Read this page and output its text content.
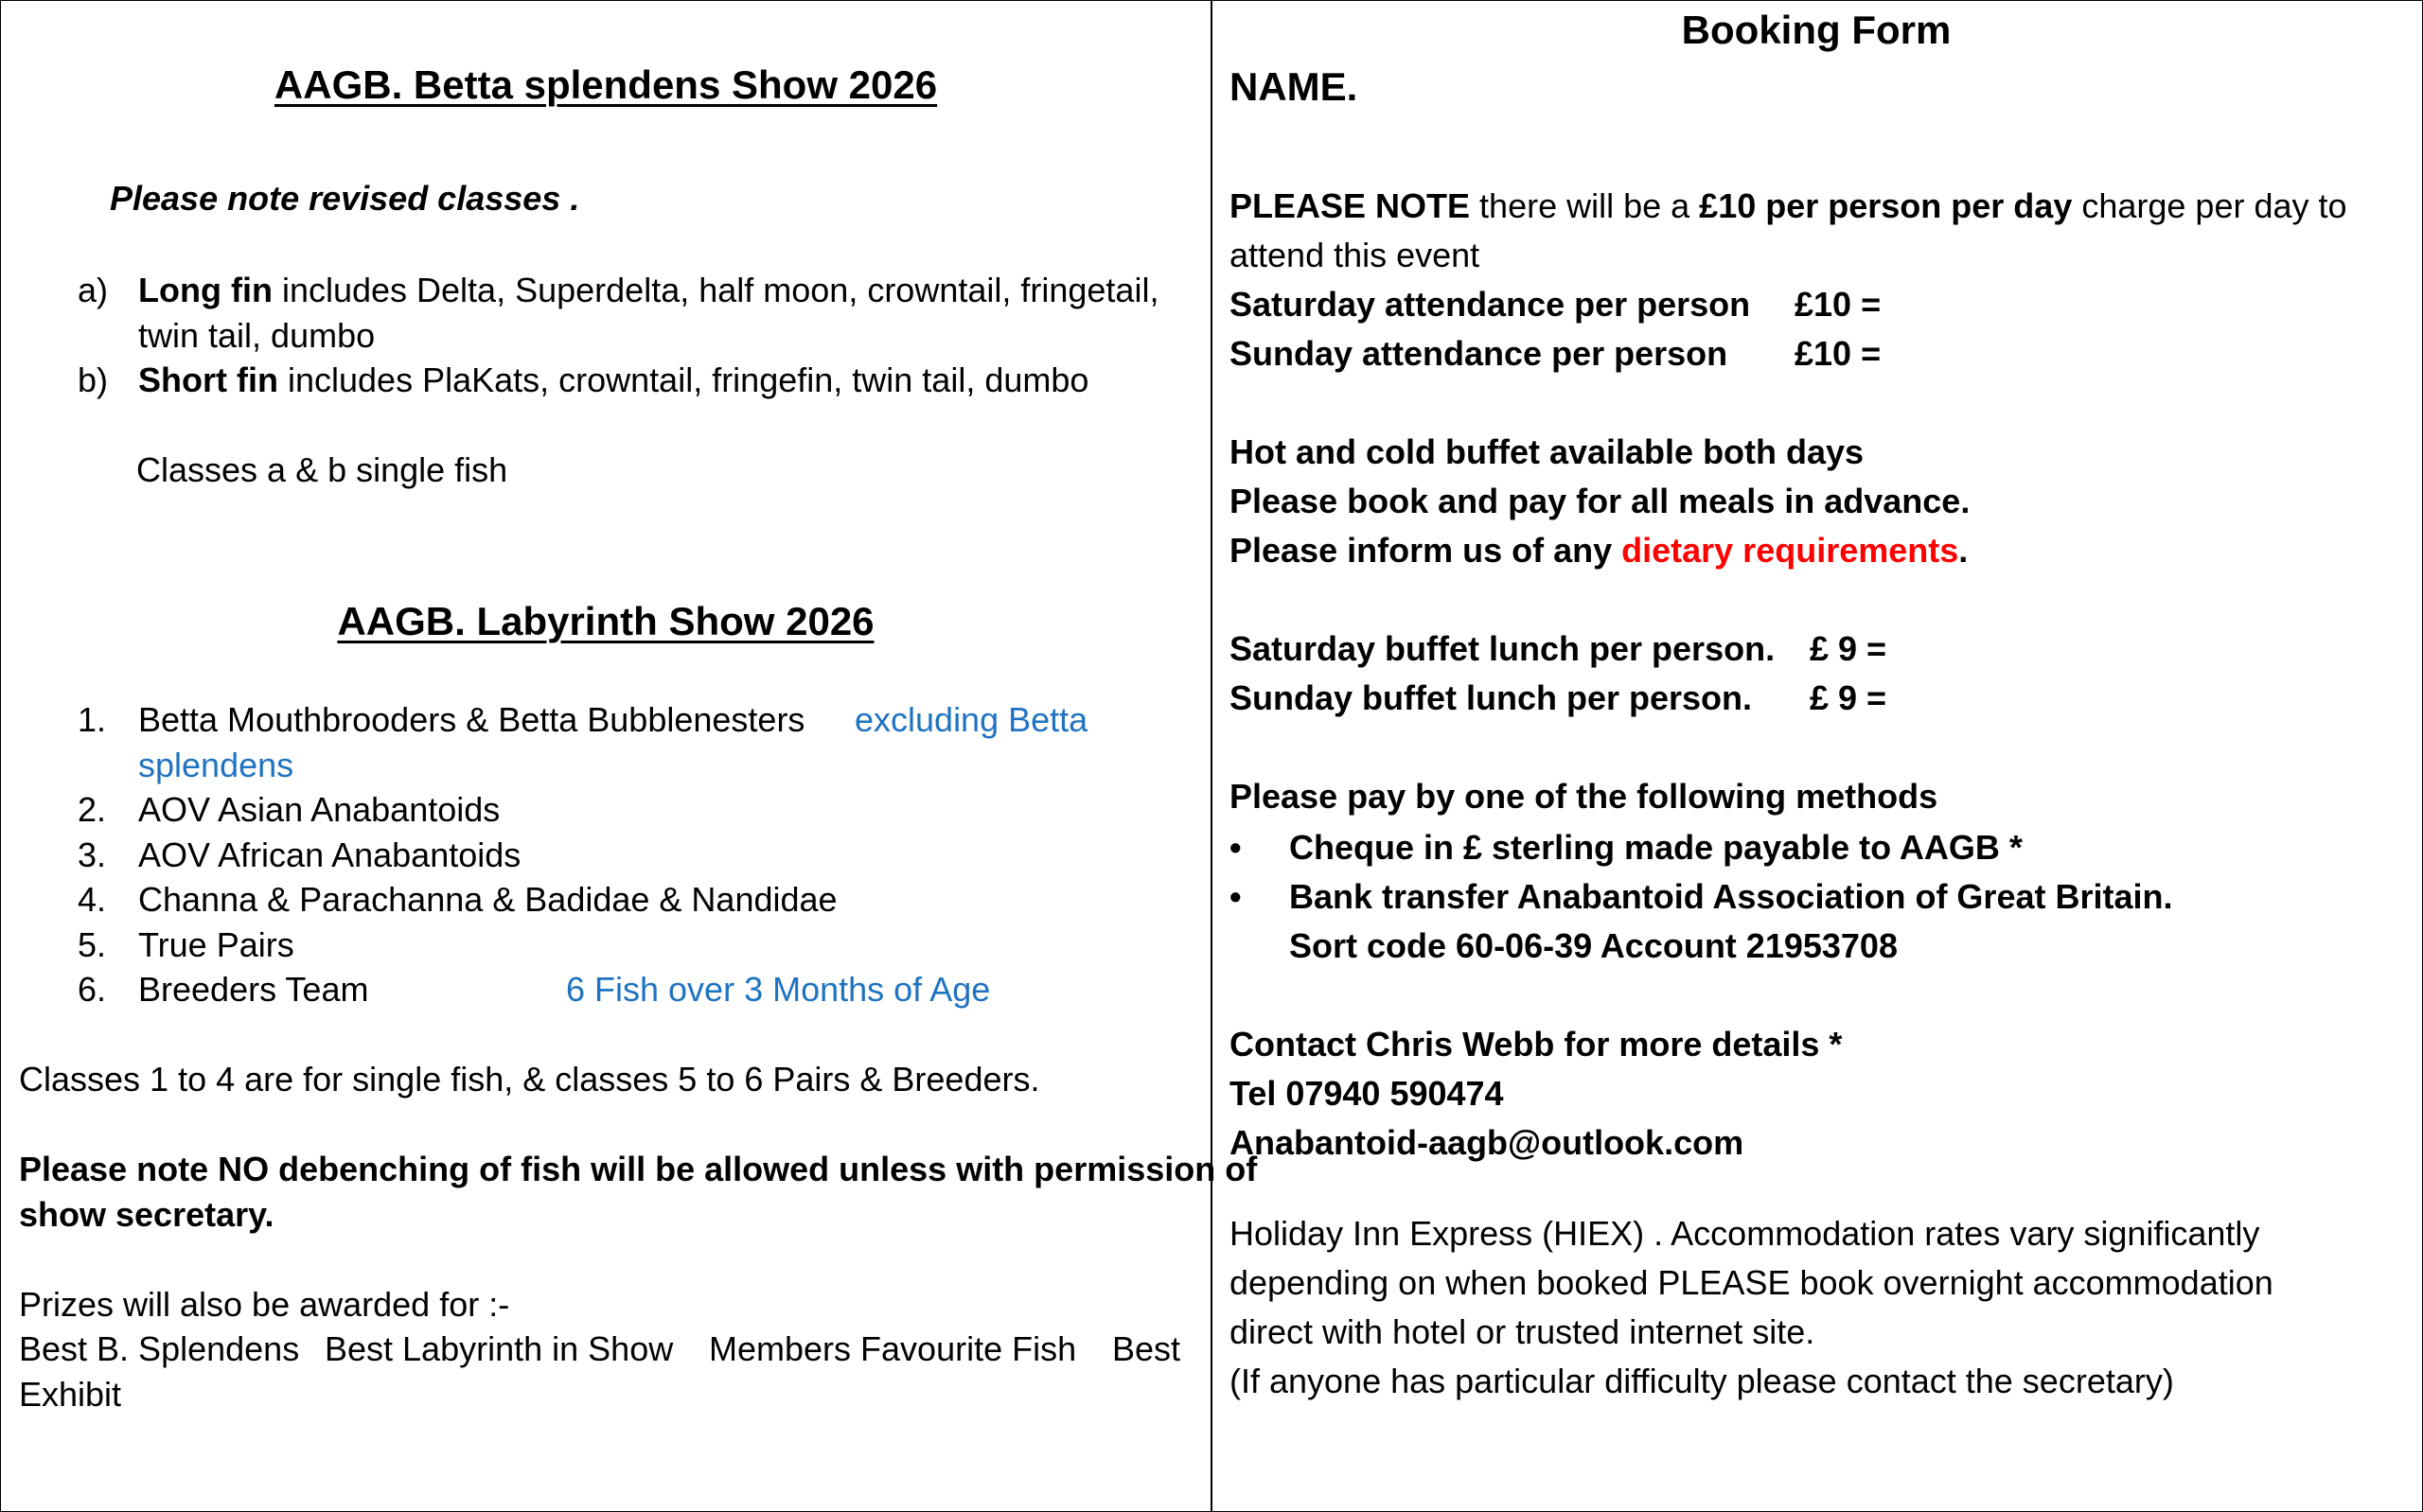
AAGB. Betta splendens Show 2026
Please note revised classes .
a) Long fin includes Delta, Superdelta, half moon, crowntail, fringetail,
twin tail, dumbo
b) Short fin includes PlaKats, crowntail, fringefin, twin tail, dumbo
Classes a & b single fish
AAGB. Labyrinth Show 2026
1. Betta Mouthbrooders & Betta Bubblenesters excluding Betta
splendens
2. AOV Asian Anabantoids
3. AOV African Anabantoids
4. Channa & Parachanna & Badidae & Nandidae
5. True Pairs
6. Breeders Team	6 Fish over 3 Months of Age
Classes 1 to 4 are for single fish, & classes 5 to 6 Pairs & Breeders.
Please note NO debenching of fish will be allowed unless with permission of
show secretary.
Prizes will also be awarded for :-
Best B. Splendens Best Labyrinth in Show Members Favourite Fish Best
Exhibit
Booking Form
NAME.
PLEASE NOTE there will be a £10 per person per day charge per day to
attend this event
Saturday attendance per person £10 =
Sunday attendance per person £10 =
Hot and cold buffet available both days
Please book and pay for all meals in advance.
Please inform us of any dietary requirements.
Saturday buffet lunch per person. £ 9 =
Sunday buffet lunch per person. £ 9 =
Please pay by one of the following methods
• Cheque in £ sterling made payable to AAGB *
• Bank transfer Anabantoid Association of Great Britain.
Sort code 60-06-39 Account 21953708
Contact Chris Webb for more details *
Tel 07940 590474
Anabantoid-aagb@outlook.com
Holiday Inn Express (HIEX) . Accommodation rates vary significantly
depending on when booked PLEASE book overnight accommodation
direct with hotel or trusted internet site.
(If anyone has particular difficulty please contact the secretary)
